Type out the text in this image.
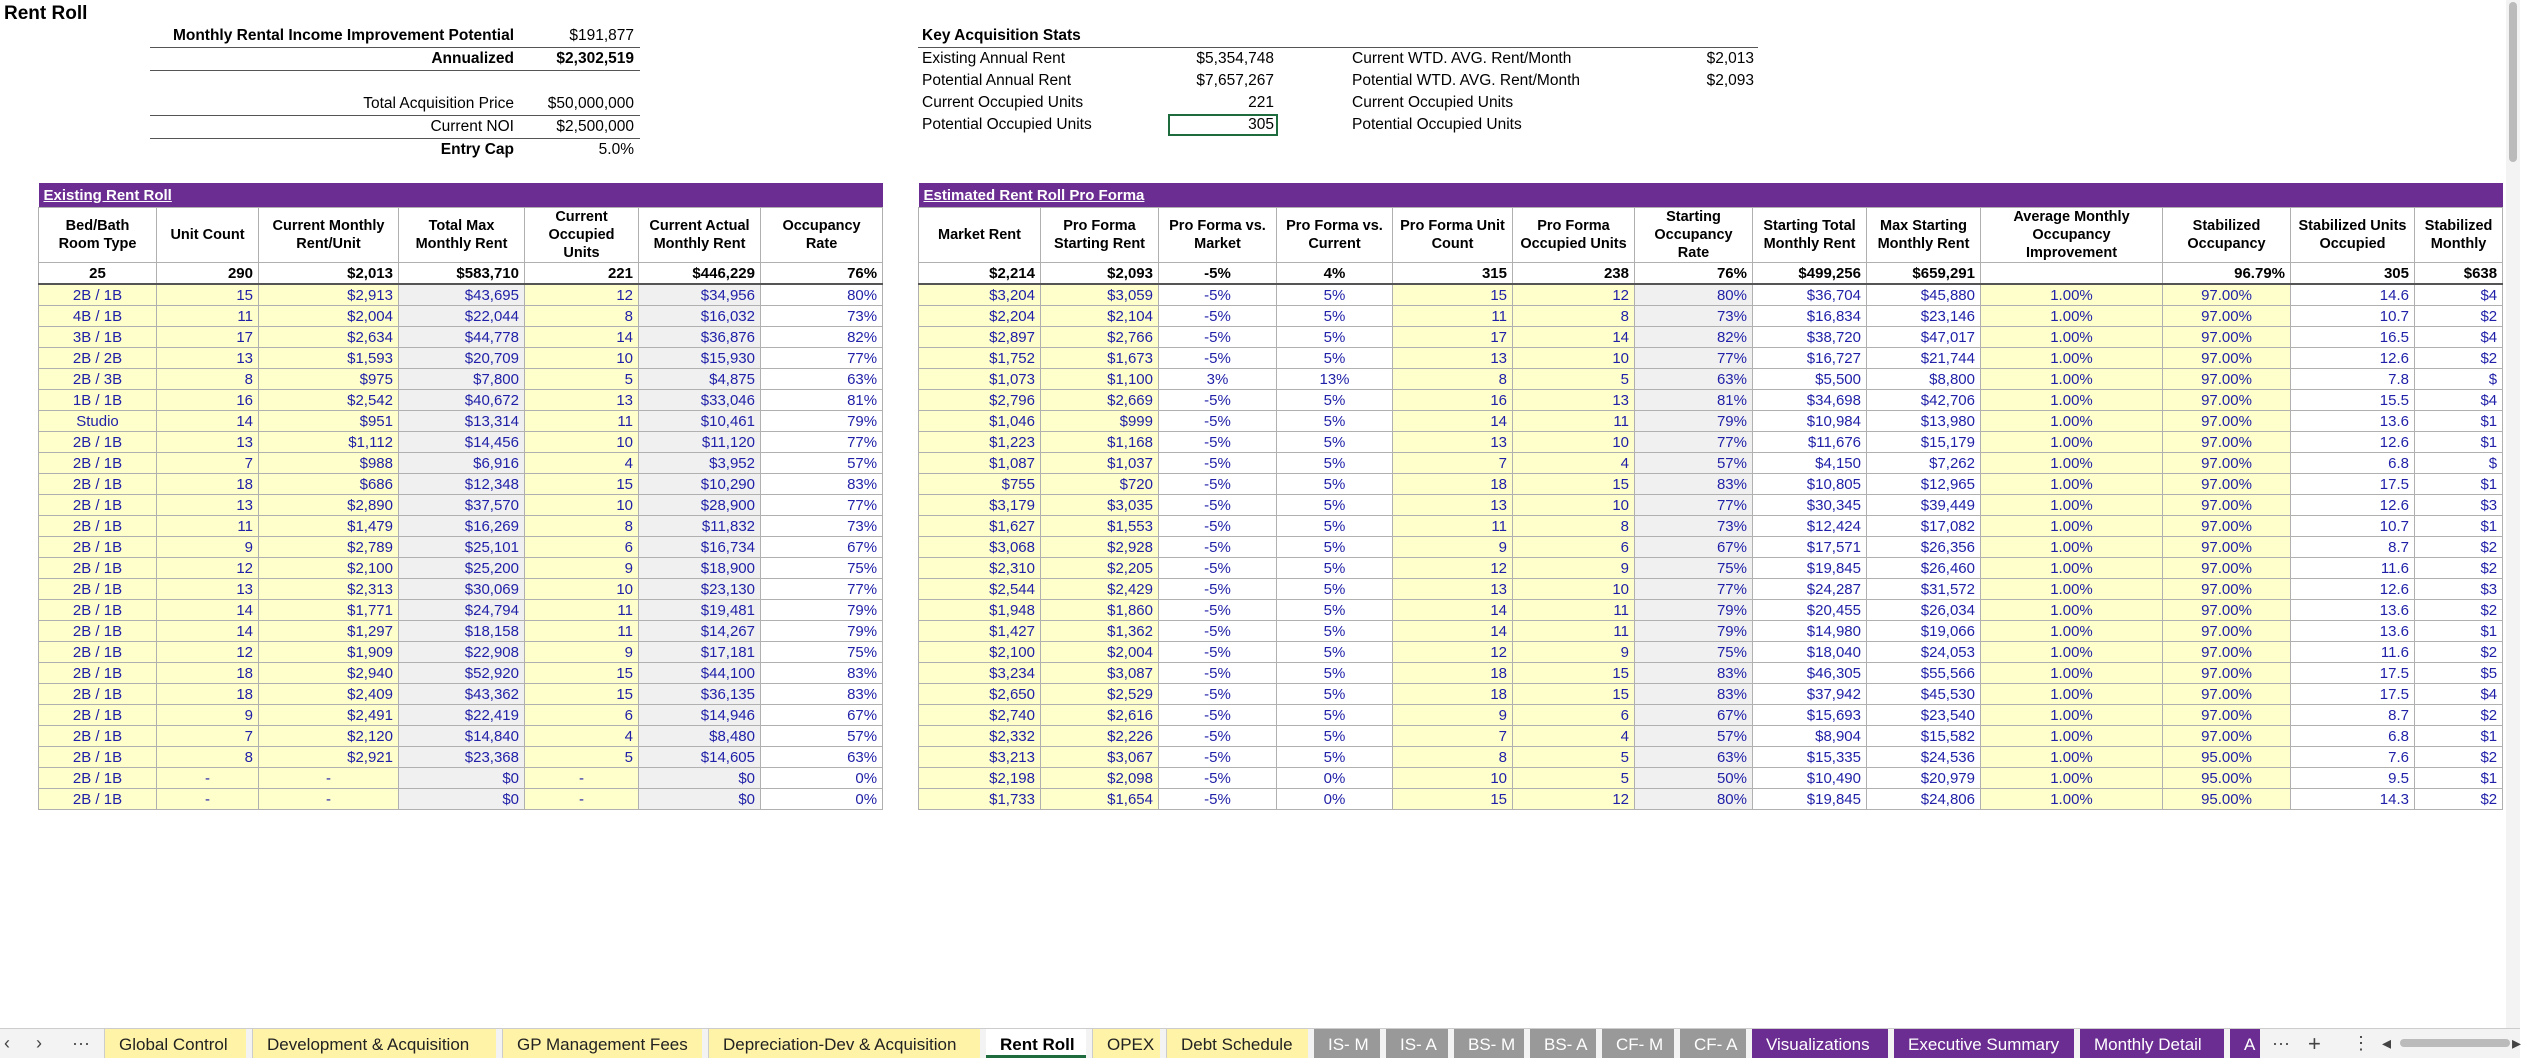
Rent Roll
Monthly Rental Income Improvement Potential	$191,877
Annualized	$2,302,519

Total Acquisition Price	$50,000,000
Current NOI	$2,500,000
Entry Cap	5.0%
Key Acquisition Stats				
Existing Annual Rent	$5,354,748		Current WTD. AVG. Rent/Month	$2,013
Potential Annual Rent	$7,657,267		Potential WTD. AVG. Rent/Month	$2,093
Current Occupied Units	221		Current Occupied Units	
Potential Occupied Units	305		Potential Occupied Units	
Existing Rent Roll						
Bed/Bath Room Type	Unit Count	Current Monthly Rent/Unit	Total Max Monthly Rent	Current Occupied Units	Current Actual Monthly Rent	Occupancy Rate
25	290	$2,013	$583,710	221	$446,229	76%
2B / 1B	15	$2,913	$43,695	12	$34,956	80%
4B / 1B	11	$2,004	$22,044	8	$16,032	73%
3B / 1B	17	$2,634	$44,778	14	$36,876	82%
2B / 2B	13	$1,593	$20,709	10	$15,930	77%
2B / 3B	8	$975	$7,800	5	$4,875	63%
1B / 1B	16	$2,542	$40,672	13	$33,046	81%
Studio	14	$951	$13,314	11	$10,461	79%
2B / 1B	13	$1,112	$14,456	10	$11,120	77%
2B / 1B	7	$988	$6,916	4	$3,952	57%
2B / 1B	18	$686	$12,348	15	$10,290	83%
2B / 1B	13	$2,890	$37,570	10	$28,900	77%
2B / 1B	11	$1,479	$16,269	8	$11,832	73%
2B / 1B	9	$2,789	$25,101	6	$16,734	67%
2B / 1B	12	$2,100	$25,200	9	$18,900	75%
2B / 1B	13	$2,313	$30,069	10	$23,130	77%
2B / 1B	14	$1,771	$24,794	11	$19,481	79%
2B / 1B	14	$1,297	$18,158	11	$14,267	79%
2B / 1B	12	$1,909	$22,908	9	$17,181	75%
2B / 1B	18	$2,940	$52,920	15	$44,100	83%
2B / 1B	18	$2,409	$43,362	15	$36,135	83%
2B / 1B	9	$2,491	$22,419	6	$14,946	67%
2B / 1B	7	$2,120	$14,840	4	$8,480	57%
2B / 1B	8	$2,921	$23,368	5	$14,605	63%
2B / 1B	-	-	$0	-	$0	0%
2B / 1B	-	-	$0	-	$0	0%
Estimated Rent Roll Pro Forma												
Market Rent	Pro Forma Starting Rent	Pro Forma vs. Market	Pro Forma vs. Current	Pro Forma Unit Count	Pro Forma Occupied Units	Starting Occupancy Rate	Starting Total Monthly Rent	Max Starting Monthly Rent	Average Monthly Occupancy Improvement	Stabilized Occupancy	Stabilized Units Occupied	Stabilized Monthly
$2,214	$2,093	-5%	4%	315	238	76%	$499,256	$659,291		96.79%	305	$638
$3,204	$3,059	-5%	5%	15	12	80%	$36,704	$45,880	1.00%	97.00%	14.6	$4
$2,204	$2,104	-5%	5%	11	8	73%	$16,834	$23,146	1.00%	97.00%	10.7	$2
$2,897	$2,766	-5%	5%	17	14	82%	$38,720	$47,017	1.00%	97.00%	16.5	$4
$1,752	$1,673	-5%	5%	13	10	77%	$16,727	$21,744	1.00%	97.00%	12.6	$2
$1,073	$1,100	3%	13%	8	5	63%	$5,500	$8,800	1.00%	97.00%	7.8	$
$2,796	$2,669	-5%	5%	16	13	81%	$34,698	$42,706	1.00%	97.00%	15.5	$4
$1,046	$999	-5%	5%	14	11	79%	$10,984	$13,980	1.00%	97.00%	13.6	$1
$1,223	$1,168	-5%	5%	13	10	77%	$11,676	$15,179	1.00%	97.00%	12.6	$1
$1,087	$1,037	-5%	5%	7	4	57%	$4,150	$7,262	1.00%	97.00%	6.8	$
$755	$720	-5%	5%	18	15	83%	$10,805	$12,965	1.00%	97.00%	17.5	$1
$3,179	$3,035	-5%	5%	13	10	77%	$30,345	$39,449	1.00%	97.00%	12.6	$3
$1,627	$1,553	-5%	5%	11	8	73%	$12,424	$17,082	1.00%	97.00%	10.7	$1
$3,068	$2,928	-5%	5%	9	6	67%	$17,571	$26,356	1.00%	97.00%	8.7	$2
$2,310	$2,205	-5%	5%	12	9	75%	$19,845	$26,460	1.00%	97.00%	11.6	$2
$2,544	$2,429	-5%	5%	13	10	77%	$24,287	$31,572	1.00%	97.00%	12.6	$3
$1,948	$1,860	-5%	5%	14	11	79%	$20,455	$26,034	1.00%	97.00%	13.6	$2
$1,427	$1,362	-5%	5%	14	11	79%	$14,980	$19,066	1.00%	97.00%	13.6	$1
$2,100	$2,004	-5%	5%	12	9	75%	$18,040	$24,053	1.00%	97.00%	11.6	$2
$3,234	$3,087	-5%	5%	18	15	83%	$46,305	$55,566	1.00%	97.00%	17.5	$5
$2,650	$2,529	-5%	5%	18	15	83%	$37,942	$45,530	1.00%	97.00%	17.5	$4
$2,740	$2,616	-5%	5%	9	6	67%	$15,693	$23,540	1.00%	97.00%	8.7	$2
$2,332	$2,226	-5%	5%	7	4	57%	$8,904	$15,582	1.00%	97.00%	6.8	$1
$3,213	$3,067	-5%	5%	8	5	63%	$15,335	$24,536	1.00%	95.00%	7.6	$2
$2,198	$2,098	-5%	0%	10	5	50%	$10,490	$20,979	1.00%	95.00%	9.5	$1
$1,733	$1,654	-5%	0%	15	12	80%	$19,845	$24,806	1.00%	95.00%	14.3	$2
‹ › ···	Global Control	Development & Acquisition	GP Management Fees	Depreciation-Dev & Acquisition	Rent Roll	OPEX	Debt Schedule	IS- M	IS- A	BS- M	BS- A	CF- M	CF- A	Visualizations	Executive Summary	Monthly Detail	A ··· + ⋮ ◂	▸
